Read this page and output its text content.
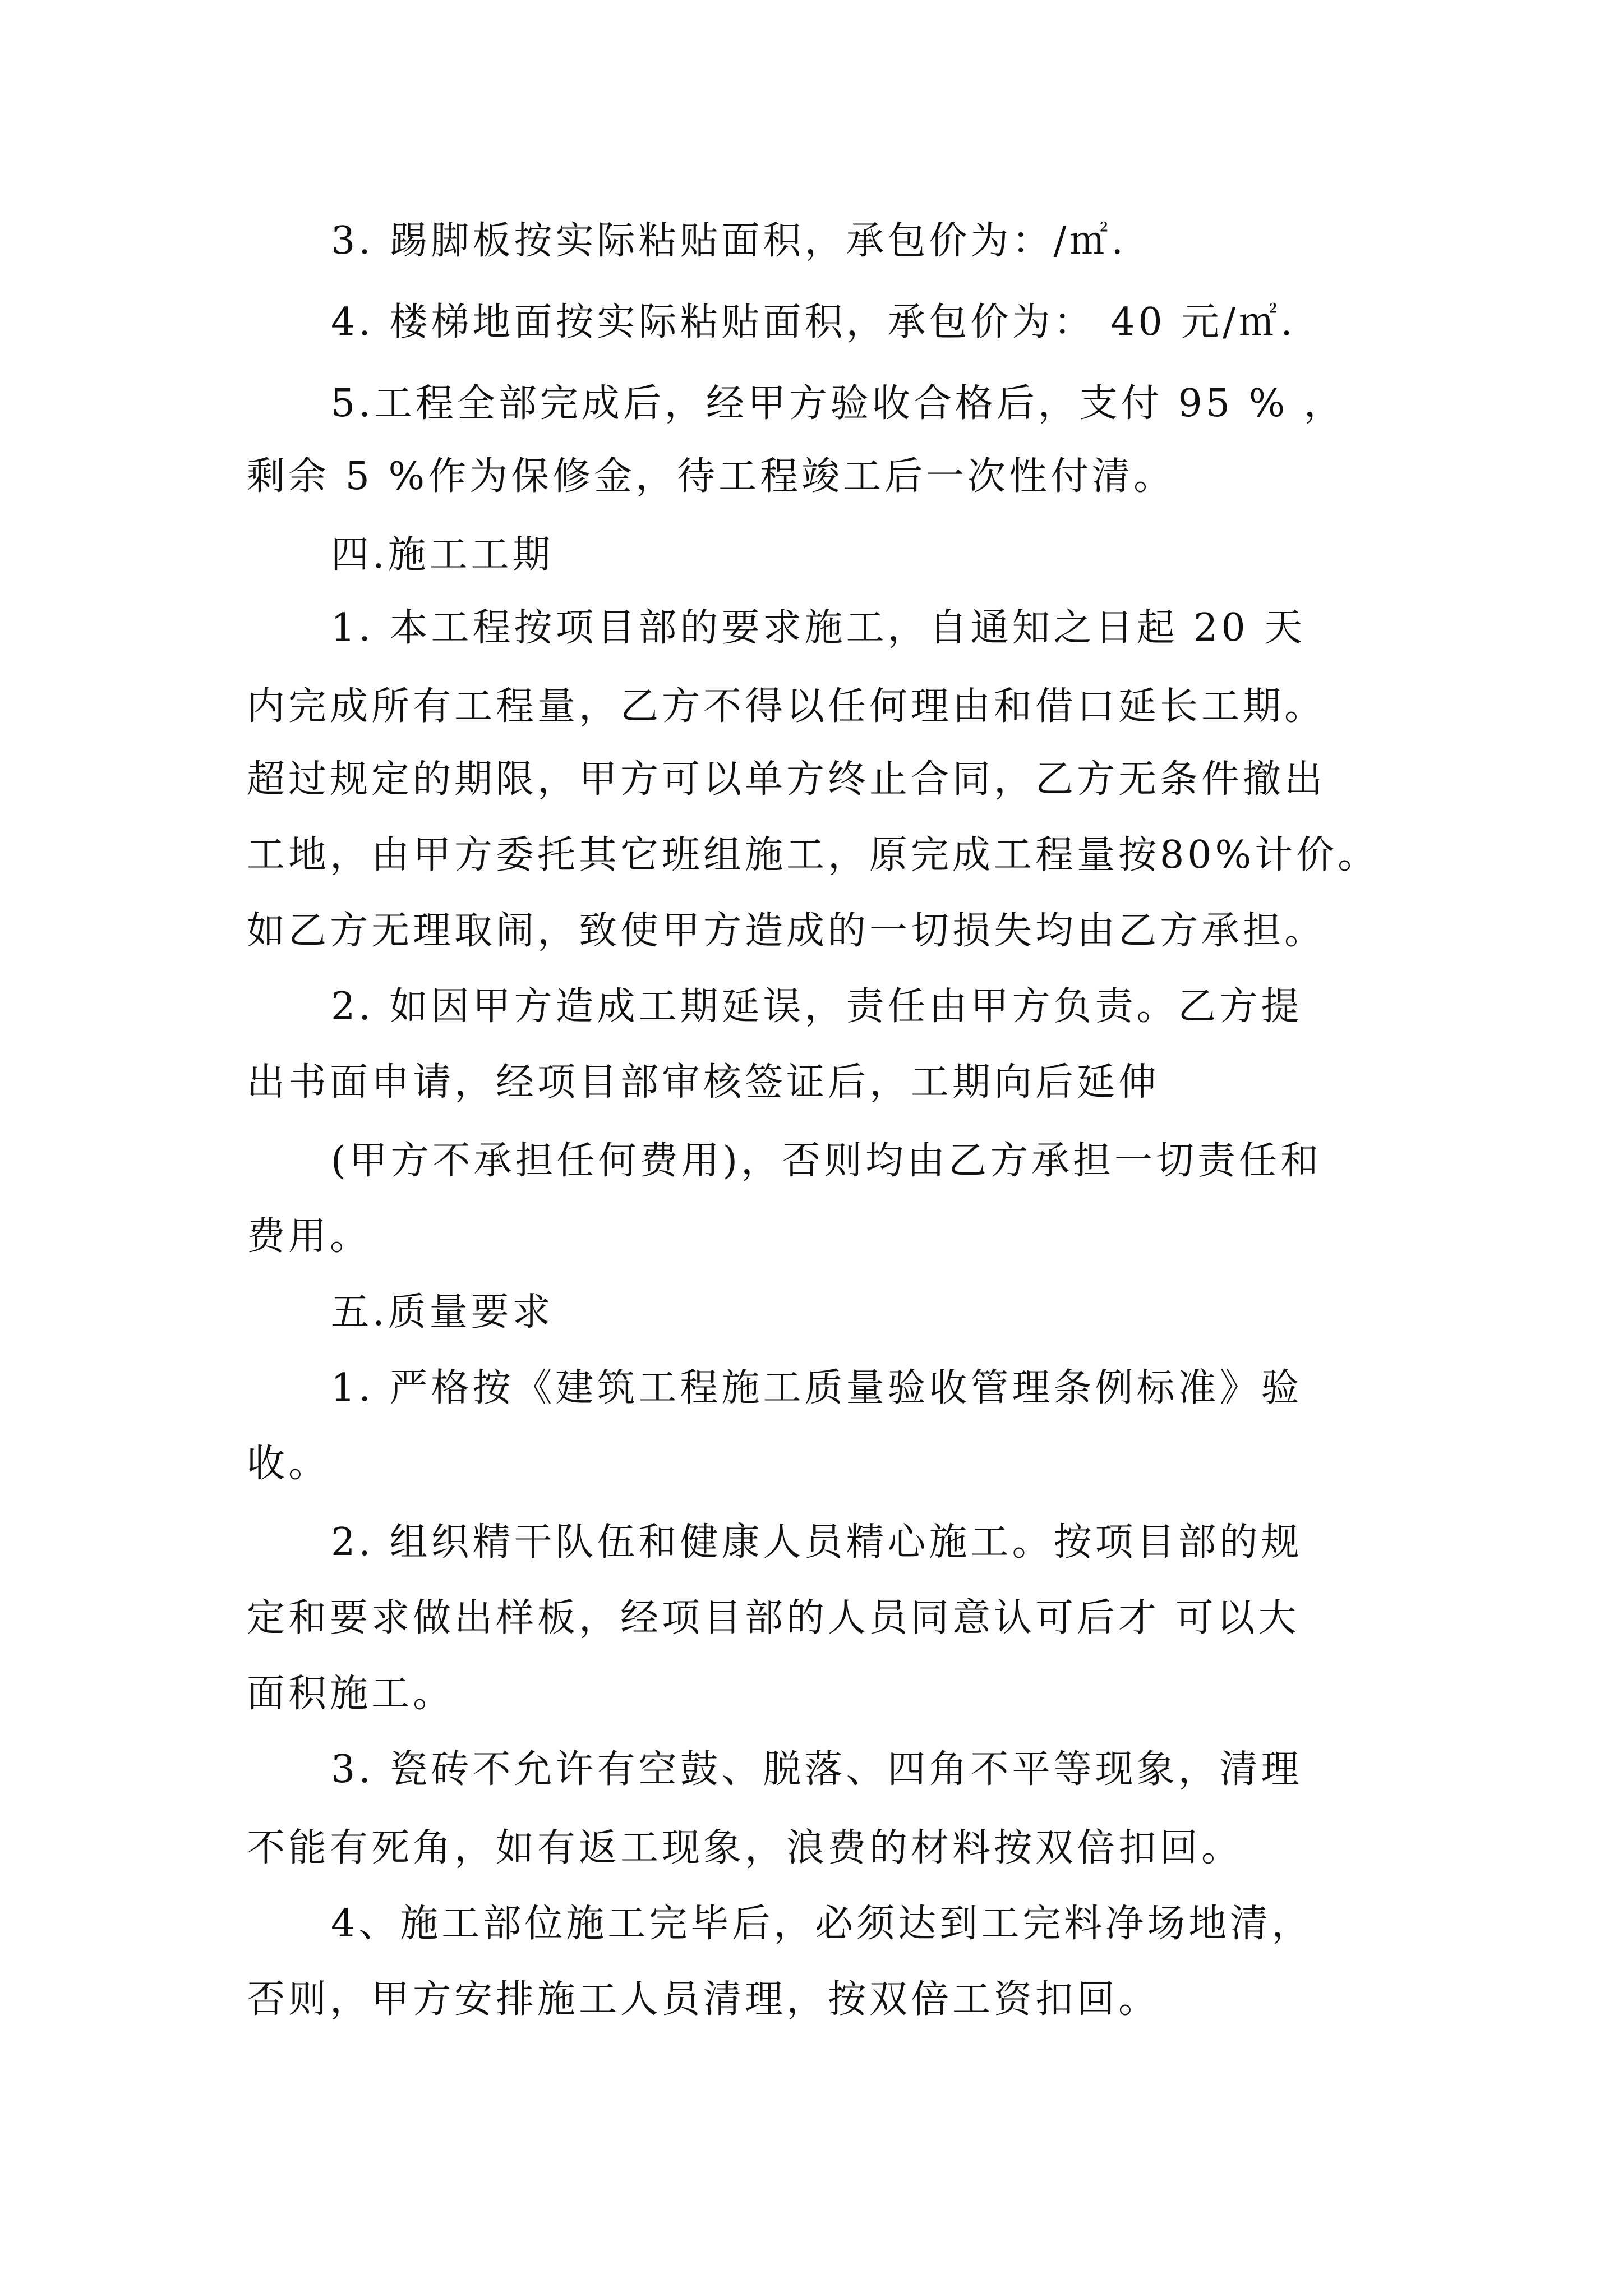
3. 踢脚板按实际粘贴面积，承包价为：/㎡.
4. 楼梯地面按实际粘贴面积，承包价为： 40 元/㎡.
5.工程全部完成后，经甲方验收合格后，支付 95 % ，
剩余 5 %作为保修金，待工程竣工后一次性付清。
四.施工工期
1. 本工程按项目部的要求施工，自通知之日起 20 天
内完成所有工程量，乙方不得以任何理由和借口延长工期。
超过规定的期限，甲方可以单方终止合同，乙方无条件撤出
工地，由甲方委托其它班组施工，原完成工程量按80%计价。
如乙方无理取闹，致使甲方造成的一切损失均由乙方承担。
2. 如因甲方造成工期延误，责任由甲方负责。乙方提
出书面申请，经项目部审核签证后，工期向后延伸
(甲方不承担任何费用)，否则均由乙方承担一切责任和
费用。
五.质量要求
1. 严格按《建筑工程施工质量验收管理条例标准》验
收。
2. 组织精干队伍和健康人员精心施工。按项目部的规
定和要求做出样板，经项目部的人员同意认可后才 可以大
面积施工。
3. 瓷砖不允许有空鼓、脱落、四角不平等现象，清理
不能有死角，如有返工现象，浪费的材料按双倍扣回。
4、施工部位施工完毕后，必须达到工完料净场地清，
否则，甲方安排施工人员清理，按双倍工资扣回。
